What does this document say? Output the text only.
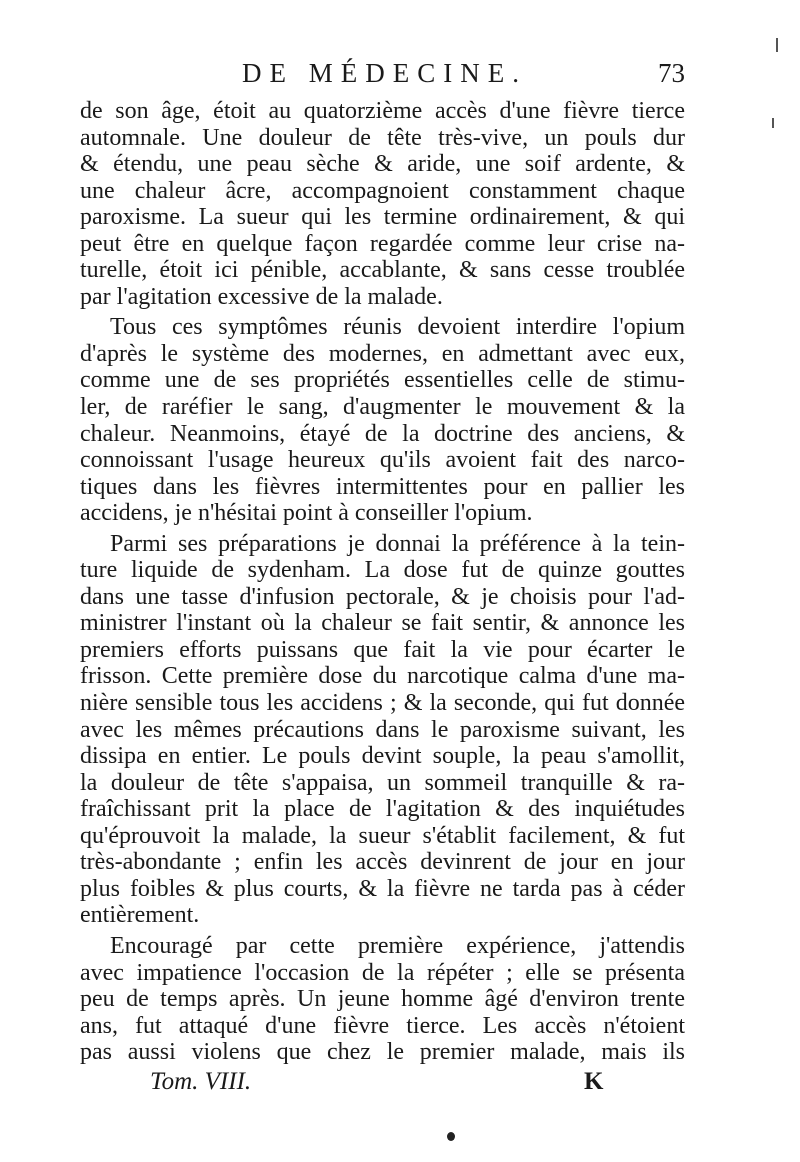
DE MÉDECINE.	73
de son âge, étoit au quatorzième accès d'une fièvre tierce
automnale. Une douleur de tête très-vive, un pouls dur
& étendu, une peau sèche & aride, une soif ardente, &
une chaleur âcre, accompagnoient constamment chaque
paroxisme. La sueur qui les termine ordinairement, & qui
peut être en quelque façon regardée comme leur crise na-
turelle, étoit ici pénible, accablante, & sans cesse troublée
par l'agitation excessive de la malade.
Tous ces symptômes réunis devoient interdire l'opium
d'après le système des modernes, en admettant avec eux,
comme une de ses propriétés essentielles celle de stimu-
ler, de raréfier le sang, d'augmenter le mouvement & la
chaleur. Neanmoins, étayé de la doctrine des anciens, &
connoissant l'usage heureux qu'ils avoient fait des narco-
tiques dans les fièvres intermittentes pour en pallier les
accidens, je n'hésitai point à conseiller l'opium.
Parmi ses préparations je donnai la préférence à la tein-
ture liquide de sydenham. La dose fut de quinze gouttes
dans une tasse d'infusion pectorale, & je choisis pour l'ad-
ministrer l'instant où la chaleur se fait sentir, & annonce les
premiers efforts puissans que fait la vie pour écarter le
frisson. Cette première dose du narcotique calma d'une ma-
nière sensible tous les accidens ; & la seconde, qui fut donnée
avec les mêmes précautions dans le paroxisme suivant, les
dissipa en entier. Le pouls devint souple, la peau s'amollit,
la douleur de tête s'appaisa, un sommeil tranquille & ra-
fraîchissant prit la place de l'agitation & des inquiétudes
qu'éprouvoit la malade, la sueur s'établit facilement, & fut
très-abondante ; enfin les accès devinrent de jour en jour
plus foibles & plus courts, & la fièvre ne tarda pas à céder
entièrement.
Encouragé par cette première expérience, j'attendis
avec impatience l'occasion de la répéter ; elle se présenta
peu de temps après. Un jeune homme âgé d'environ trente
ans, fut attaqué d'une fièvre tierce. Les accès n'étoient
pas aussi violens que chez le premier malade, mais ils
Tom. VIII.	K
